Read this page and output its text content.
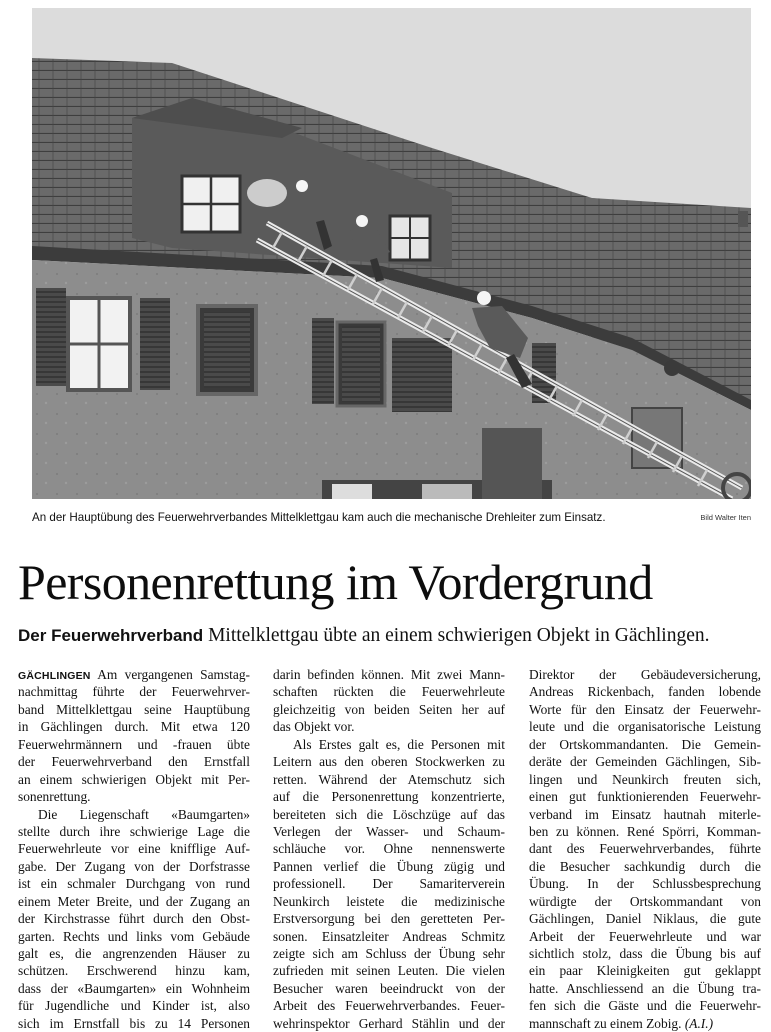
An der Hauptübung des Feuerwehrverbandes Mittelklettgau kam auch die mechanische Drehleiter zum Einsatz.	Bild Walter Iten
Personenrettung im Vordergrund
Der Feuerwehrverband Mittelklettgau übte an einem schwierigen Objekt in Gächlingen.
GÄCHLINGEN Am vergangenen Samstag-
nachmittag führte der Feuerwehrver-
band Mittelklettgau seine Hauptübung
in Gächlingen durch. Mit etwa 120
Feuerwehrmännern und -frauen übte
der Feuerwehrverband den Ernstfall
an einem schwierigen Objekt mit Per-
sonenrettung.
Die Liegenschaft «Baumgarten»
stellte durch ihre schwierige Lage die
Feuerwehrleute vor eine knifflige Auf-
gabe. Der Zugang von der Dorfstrasse
ist ein schmaler Durchgang von rund
einem Meter Breite, und der Zugang an
der Kirchstrasse führt durch den Obst-
garten. Rechts und links vom Gebäude
galt es, die angrenzenden Häuser zu
schützen. Erschwerend hinzu kam,
dass der «Baumgarten» ein Wohnheim
für Jugendliche und Kinder ist, also
sich im Ernstfall bis zu 14 Personen
darin befinden können. Mit zwei Mann-
schaften rückten die Feuerwehrleute
gleichzeitig von beiden Seiten her auf
das Objekt vor.
Als Erstes galt es, die Personen mit
Leitern aus den oberen Stockwerken zu
retten. Während der Atemschutz sich
auf die Personenrettung konzentrierte,
bereiteten sich die Löschzüge auf das
Verlegen der Wasser- und Schaum-
schläuche vor. Ohne nennenswerte
Pannen verlief die Übung zügig und
professionell. Der Samariterverein
Neunkirch leistete die medizinische
Erstversorgung bei den geretteten Per-
sonen. Einsatzleiter Andreas Schmitz
zeigte sich am Schluss der Übung sehr
zufrieden mit seinen Leuten. Die vielen
Besucher waren beeindruckt von der
Arbeit des Feuerwehrverbandes. Feuer-
wehrinspektor Gerhard Stählin und der
Direktor der Gebäudeversicherung,
Andreas Rickenbach, fanden lobende
Worte für den Einsatz der Feuerwehr-
leute und die organisatorische Leistung
der Ortskommandanten. Die Gemein-
deräte der Gemeinden Gächlingen, Sib-
lingen und Neunkirch freuten sich,
einen gut funktionierenden Feuerwehr-
verband im Einsatz hautnah miterle-
ben zu können. René Spörri, Komman-
dant des Feuerwehrverbandes, führte
die Besucher sachkundig durch die
Übung. In der Schlussbesprechung
würdigte der Ortskommandant von
Gächlingen, Daniel Niklaus, die gute
Arbeit der Feuerwehrleute und war
sichtlich stolz, dass die Übung bis auf
ein paar Kleinigkeiten gut geklappt
hatte. Anschliessend an die Übung tra-
fen sich die Gäste und die Feuerwehr-
mannschaft zu einem Zobig. (A.I.)
